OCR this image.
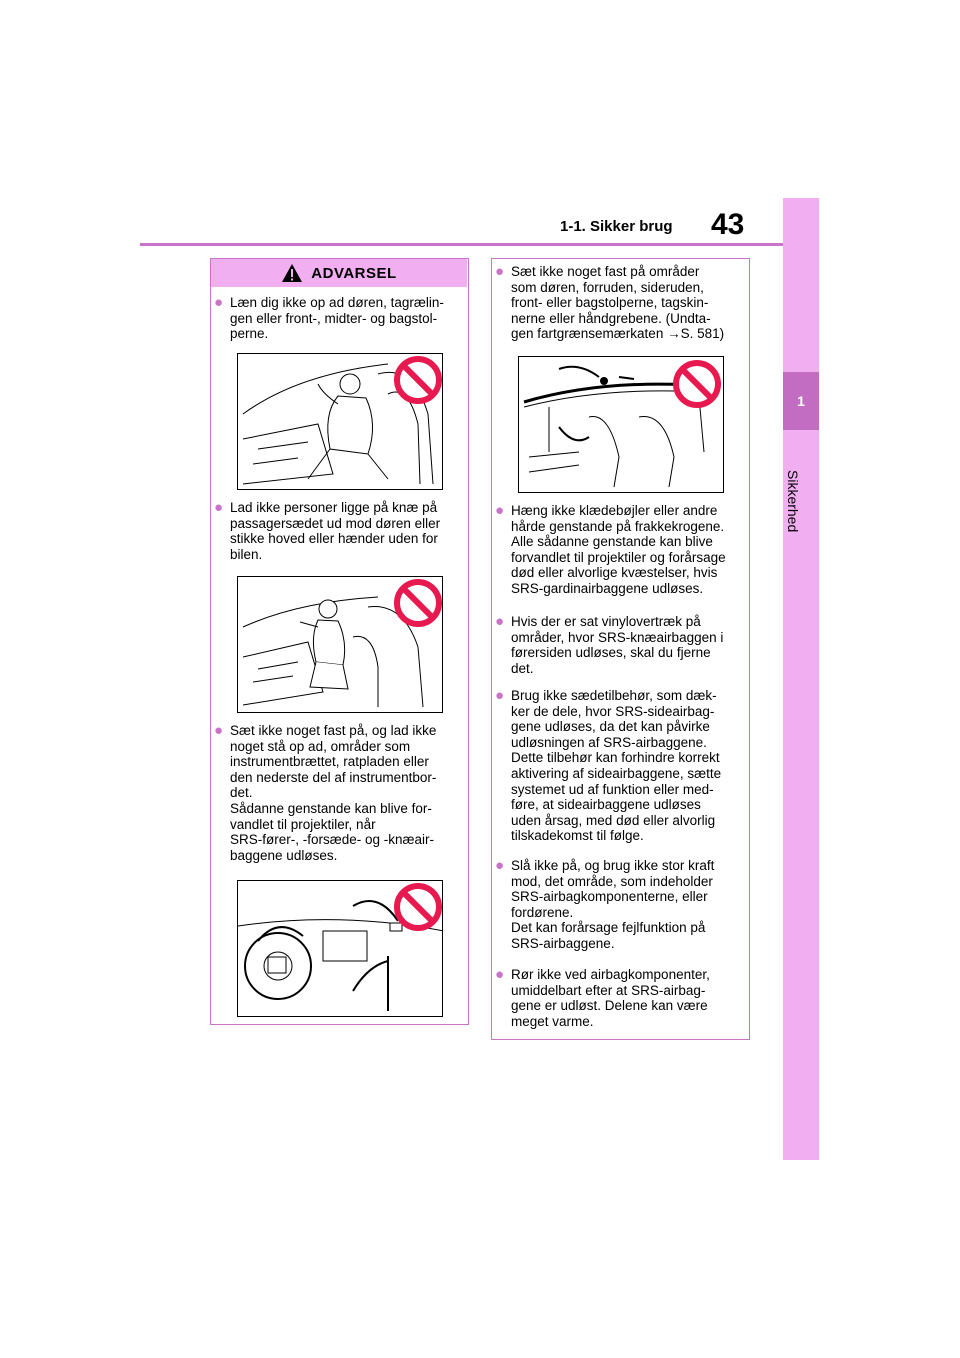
1-1. Sikker brug 43
1
Sikkerhed
ADVARSEL
● Læn dig ikke op ad døren, tagrælin-
gen eller front-, midter- og bagstol-
perne.
● Lad ikke personer ligge på knæ på
passagersædet ud mod døren eller
stikke hoved eller hænder uden for
bilen.
● Sæt ikke noget fast på, og lad ikke
noget stå op ad, områder som
instrumentbrættet, ratpladen eller
den nederste del af instrumentbor-
det.
Sådanne genstande kan blive for-
vandlet til projektiler, når
SRS-fører-, -forsæde- og -knæair-
baggene udløses.
● Sæt ikke noget fast på områder
som døren, forruden, sideruden,
front- eller bagstolperne, tagskin-
nerne eller håndgrebene. (Undta-
gen fartgrænsemærkaten →S. 581)
● Hæng ikke klædebøjler eller andre
hårde genstande på frakkekrogene.
Alle sådanne genstande kan blive
forvandlet til projektiler og forårsage
død eller alvorlige kvæstelser, hvis
SRS-gardinairbaggene udløses.
● Hvis der er sat vinylovertræk på
områder, hvor SRS-knæairbaggen i
førersiden udløses, skal du fjerne
det.
● Brug ikke sædetilbehør, som dæk-
ker de dele, hvor SRS-sideairbag-
gene udløses, da det kan påvirke
udløsningen af SRS-airbaggene.
Dette tilbehør kan forhindre korrekt
aktivering af sideairbaggene, sætte
systemet ud af funktion eller med-
føre, at sideairbaggene udløses
uden årsag, med død eller alvorlig
tilskadekomst til følge.
● Slå ikke på, og brug ikke stor kraft
mod, det område, som indeholder
SRS-airbagkomponenterne, eller
fordørene.
Det kan forårsage fejlfunktion på
SRS-airbaggene.
● Rør ikke ved airbagkomponenter,
umiddelbart efter at SRS-airbag-
gene er udløst. Delene kan være
meget varme.
